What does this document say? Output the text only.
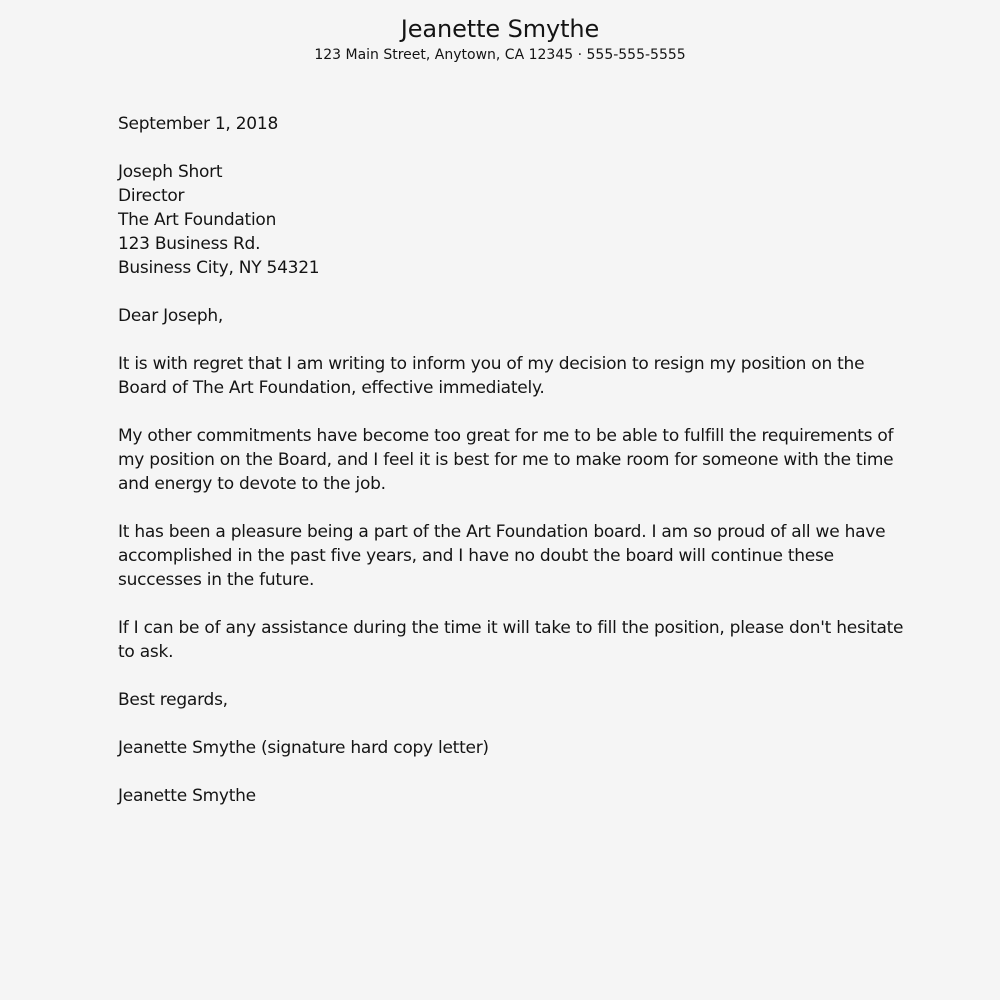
Jeanette Smythe
123 Main Street, Anytown, CA 12345 · 555-555-5555
September 1, 2018
Joseph Short
Director
The Art Foundation
123 Business Rd.
Business City, NY 54321
Dear Joseph,
It is with regret that I am writing to inform you of my decision to resign my position on the
Board of The Art Foundation, effective immediately.
My other commitments have become too great for me to be able to fulfill the requirements of
my position on the Board, and I feel it is best for me to make room for someone with the time
and energy to devote to the job.
It has been a pleasure being a part of the Art Foundation board. I am so proud of all we have
accomplished in the past five years, and I have no doubt the board will continue these
successes in the future.
If I can be of any assistance during the time it will take to fill the position, please don't hesitate
to ask.
Best regards,
Jeanette Smythe (signature hard copy letter)
Jeanette Smythe
